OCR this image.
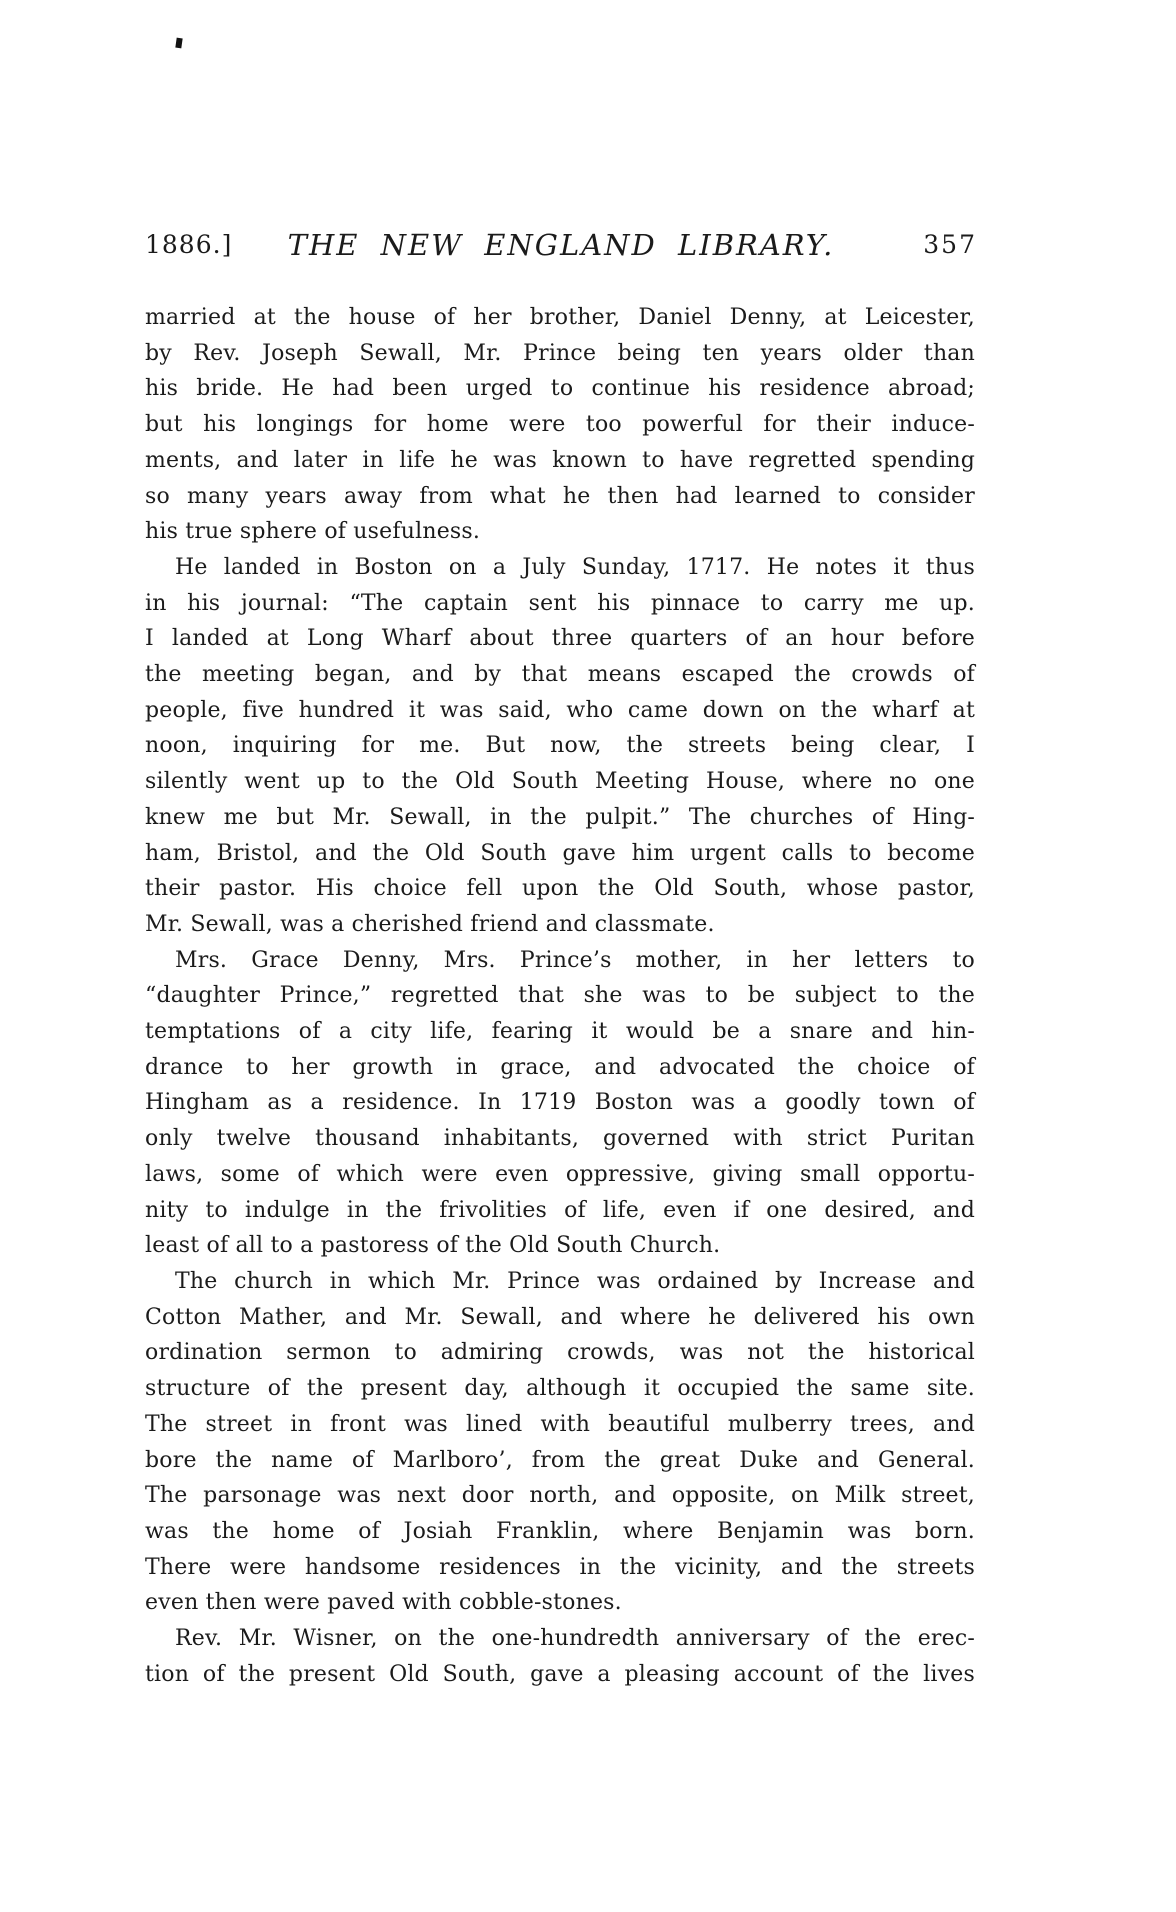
1886.] THE NEW ENGLAND LIBRARY.	357
married at the house of her brother, Daniel Denny, at Leicester,
by Rev. Joseph Sewall, Mr. Prince being ten years older than
his bride. He had been urged to continue his residence abroad;
but his longings for home were too powerful for their induce-
ments, and later in life he was known to have regretted spending
so many years away from what he then had learned to consider
his true sphere of usefulness.
He landed in Boston on a July Sunday, 1717. He notes it thus
in his journal: “The captain sent his pinnace to carry me up.
I landed at Long Wharf about three quarters of an hour before
the meeting began, and by that means escaped the crowds of
people, five hundred it was said, who came down on the wharf at
noon, inquiring for me. But now, the streets being clear, I
silently went up to the Old South Meeting House, where no one
knew me but Mr. Sewall, in the pulpit.” The churches of Hing-
ham, Bristol, and the Old South gave him urgent calls to become
their pastor. His choice fell upon the Old South, whose pastor,
Mr. Sewall, was a cherished friend and classmate.
Mrs. Grace Denny, Mrs. Prince’s mother, in her letters to
“daughter Prince,” regretted that she was to be subject to the
temptations of a city life, fearing it would be a snare and hin-
drance to her growth in grace, and advocated the choice of
Hingham as a residence. In 1719 Boston was a goodly town of
only twelve thousand inhabitants, governed with strict Puritan
laws, some of which were even oppressive, giving small opportu-
nity to indulge in the frivolities of life, even if one desired, and
least of all to a pastoress of the Old South Church.
The church in which Mr. Prince was ordained by Increase and
Cotton Mather, and Mr. Sewall, and where he delivered his own
ordination sermon to admiring crowds, was not the historical
structure of the present day, although it occupied the same site.
The street in front was lined with beautiful mulberry trees, and
bore the name of Marlboro’, from the great Duke and General.
The parsonage was next door north, and opposite, on Milk street,
was the home of Josiah Franklin, where Benjamin was born.
There were handsome residences in the vicinity, and the streets
even then were paved with cobble-stones.
Rev. Mr. Wisner, on the one-hundredth anniversary of the erec-
tion of the present Old South, gave a pleasing account of the lives
